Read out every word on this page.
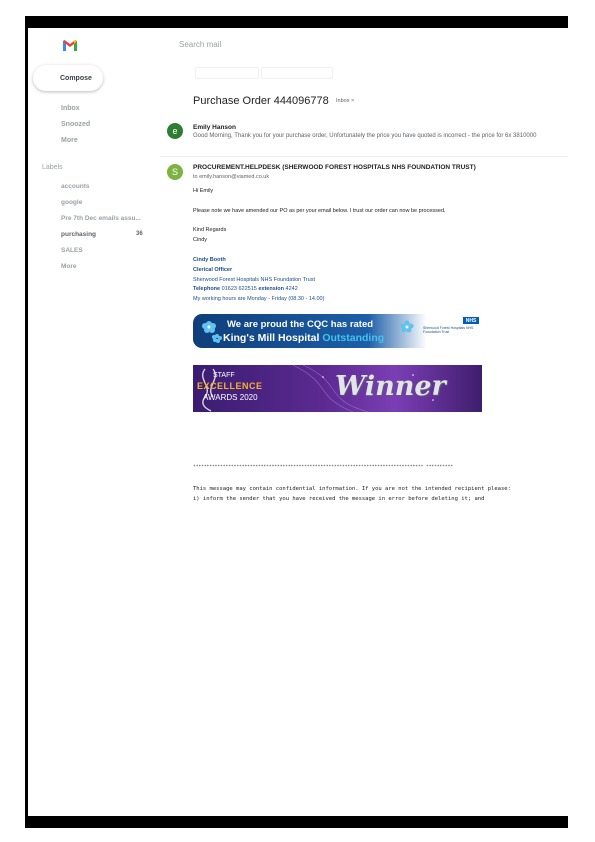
Search mail
Compose
Inbox
Snoozed
More
Labels
accounts
google
Pre 7th Dec emails assu...
purchasing	36
SALES
More
Purchase Order 444096778 Inbox ×
e	Emily Hanson
Good Morning, Thank you for your purchase order, Unfortunately the price you have quoted is incorrect - the price for 6x 3810000
S	PROCUREMENT.HELPDESK (SHERWOOD FOREST HOSPITALS NHS FOUNDATION TRUST)
to emily.hanson@viamed.co.uk
Hi Emily
Please note we have amended our PO as per your email below. I trust our order can now be processed.
Kind Regards
Cindy
Cindy Booth
Clerical Officer
Sherwood Forest Hospitals NHS Foundation Trust
Telephone 01623 622515 extension 4242
My working hours are Monday - Friday (08.30 - 14.00)
We are proud the CQC has rated
King's Mill Hospital Outstanding
NHS
Sherwood Forest Hospitals NHS Foundation Trust
STAFF
EXCELLENCE
AWARDS 2020	Winner
************************************************************************************* **********
This message may contain confidential information. If you are not the intended recipient please:
i) inform the sender that you have received the message in error before deleting it; and
